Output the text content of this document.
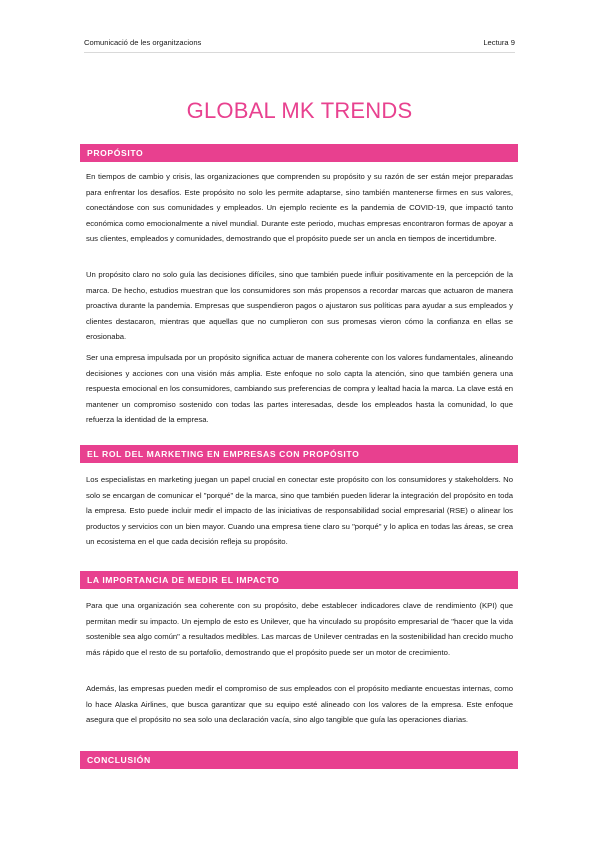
Comunicació de les organitzacions	Lectura 9
GLOBAL MK TRENDS
PROPÓSITO

En tiempos de cambio y crisis, las organizaciones que comprenden su propósito y su razón de ser están mejor preparadas para enfrentar los desafíos. Este propósito no solo les permite adaptarse, sino también mantenerse firmes en sus valores, conectándose con sus comunidades y empleados. Un ejemplo reciente es la pandemia de COVID-19, que impactó tanto económica como emocionalmente a nivel mundial. Durante este periodo, muchas empresas encontraron formas de apoyar a sus clientes, empleados y comunidades, demostrando que el propósito puede ser un ancla en tiempos de incertidumbre.

Un propósito claro no solo guía las decisiones difíciles, sino que también puede influir positivamente en la percepción de la marca. De hecho, estudios muestran que los consumidores son más propensos a recordar marcas que actuaron de manera proactiva durante la pandemia. Empresas que suspendieron pagos o ajustaron sus políticas para ayudar a sus empleados y clientes destacaron, mientras que aquellas que no cumplieron con sus promesas vieron cómo la confianza en ellas se erosionaba.

Ser una empresa impulsada por un propósito significa actuar de manera coherente con los valores fundamentales, alineando decisiones y acciones con una visión más amplia. Este enfoque no solo capta la atención, sino que también genera una respuesta emocional en los consumidores, cambiando sus preferencias de compra y lealtad hacia la marca. La clave está en mantener un compromiso sostenido con todas las partes interesadas, desde los empleados hasta la comunidad, lo que refuerza la identidad de la empresa.

EL ROL DEL MARKETING EN EMPRESAS CON PROPÓSITO

Los especialistas en marketing juegan un papel crucial en conectar este propósito con los consumidores y stakeholders. No solo se encargan de comunicar el "porqué" de la marca, sino que también pueden liderar la integración del propósito en toda la empresa. Esto puede incluir medir el impacto de las iniciativas de responsabilidad social empresarial (RSE) o alinear los productos y servicios con un bien mayor. Cuando una empresa tiene claro su "porqué" y lo aplica en todas las áreas, se crea un ecosistema en el que cada decisión refleja su propósito.

LA IMPORTANCIA DE MEDIR EL IMPACTO

Para que una organización sea coherente con su propósito, debe establecer indicadores clave de rendimiento (KPI) que permitan medir su impacto. Un ejemplo de esto es Unilever, que ha vinculado su propósito empresarial de "hacer que la vida sostenible sea algo común" a resultados medibles. Las marcas de Unilever centradas en la sostenibilidad han crecido mucho más rápido que el resto de su portafolio, demostrando que el propósito puede ser un motor de crecimiento.

Además, las empresas pueden medir el compromiso de sus empleados con el propósito mediante encuestas internas, como lo hace Alaska Airlines, que busca garantizar que su equipo esté alineado con los valores de la empresa. Este enfoque asegura que el propósito no sea solo una declaración vacía, sino algo tangible que guía las operaciones diarias.

CONCLUSIÓN
